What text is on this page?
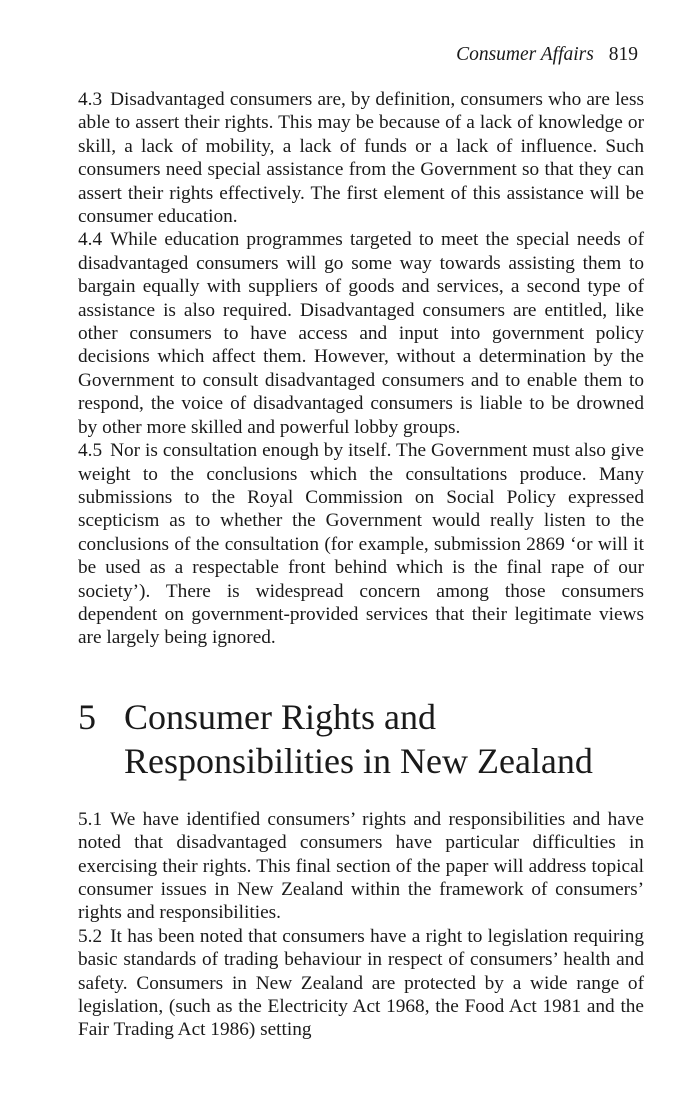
Consumer Affairs 819

4.3 Disadvantaged consumers are, by definition, consumers who are less able to assert their rights. This may be because of a lack of knowledge or skill, a lack of mobility, a lack of funds or a lack of influence. Such consumers need special assistance from the Government so that they can assert their rights effectively. The first element of this assistance will be consumer education.

4.4 While education programmes targeted to meet the special needs of disadvantaged consumers will go some way towards assisting them to bargain equally with suppliers of goods and services, a second type of assistance is also required. Disadvantaged consumers are entitled, like other consumers to have access and input into government policy decisions which affect them. However, without a determination by the Government to consult disadvantaged consumers and to enable them to respond, the voice of disadvantaged consumers is liable to be drowned by other more skilled and powerful lobby groups.

4.5 Nor is consultation enough by itself. The Government must also give weight to the conclusions which the consultations produce. Many submissions to the Royal Commission on Social Policy expressed scepticism as to whether the Government would really listen to the conclusions of the consultation (for example, submission 2869 ‘or will it be used as a respectable front behind which is the final rape of our society’). There is widespread concern among those consumers dependent on government-provided services that their legitimate views are largely being ignored.

5 Consumer Rights and
Responsibilities in New Zealand

5.1 We have identified consumers’ rights and responsibilities and have noted that disadvantaged consumers have particular difficulties in exercising their rights. This final section of the paper will address topical consumer issues in New Zealand within the framework of consumers’ rights and responsibilities.

5.2 It has been noted that consumers have a right to legislation requiring basic standards of trading behaviour in respect of consumers’ health and safety. Consumers in New Zealand are protected by a wide range of legislation, (such as the Electricity Act 1968, the Food Act 1981 and the Fair Trading Act 1986) setting
